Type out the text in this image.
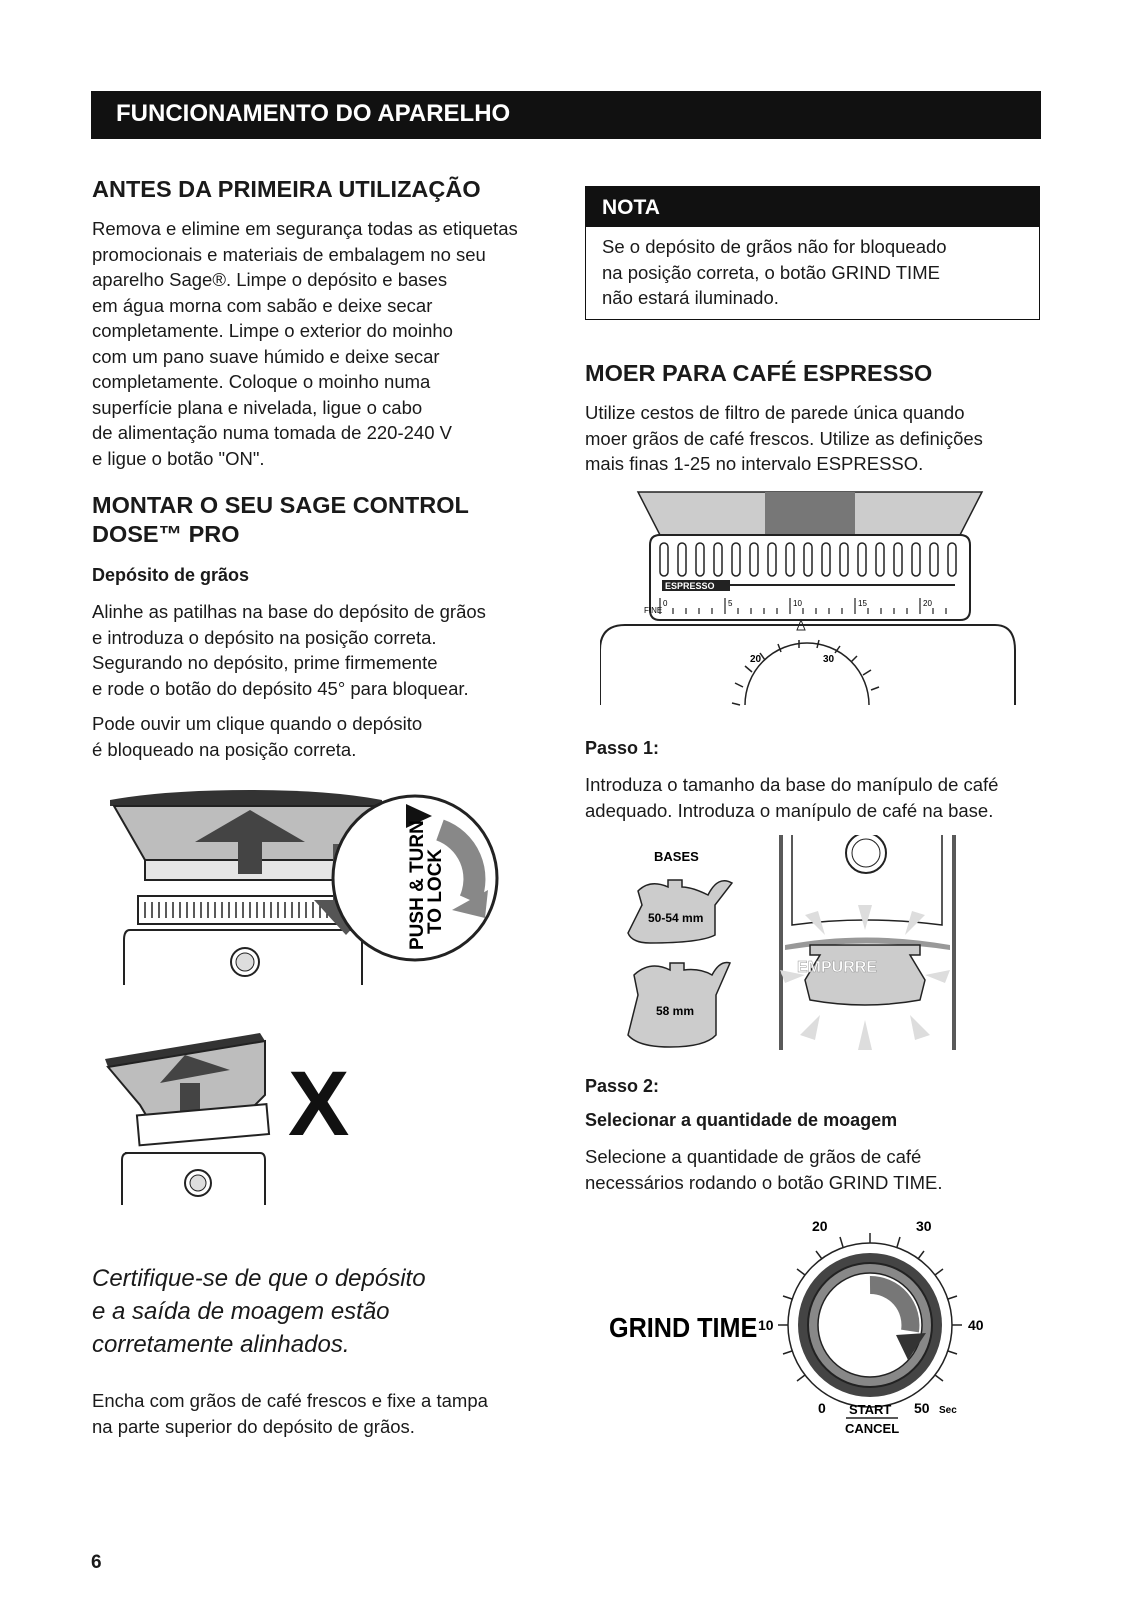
FUNCIONAMENTO DO APARELHO
ANTES DA PRIMEIRA UTILIZAÇÃO

Remova e elimine em segurança todas as etiquetas

promocionais e materiais de embalagem no seu

aparelho Sage®. Limpe o depósito e bases

em água morna com sabão e deixe secar

completamente. Limpe o exterior do moinho

com um pano suave húmido e deixe secar

completamente. Coloque o moinho numa

superfície plana e nivelada, ligue o cabo

de alimentação numa tomada de 220-240 V

e ligue o botão "ON".

MONTAR O SEU SAGE CONTROL
DOSE™ PRO
Depósito de grãos

Alinhe as patilhas na base do depósito de grãos

e introduza o depósito na posição correta.

Segurando no depósito, prime firmemente

e rode o botão do depósito 45° para bloquear.

Pode ouvir um clique quando o depósito

é bloqueado na posição correta.

PUSH & TURN
TO LOCK
X
Certifique-se de que o depósito
e a saída de moagem estão
corretamente alinhados.

Encha com grãos de café frescos e fixe a tampa

na parte superior do depósito de grãos.

NOTA
Se o depósito de grãos não for bloqueado
na posição correta, o botão GRIND TIME
não estará iluminado.
MOER PARA CAFÉ ESPRESSO

Utilize cestos de filtro de parede única quando

moer grãos de café frescos. Utilize as definições

mais finas 1-25 no intervalo ESPRESSO.

ESPRESSO
FINE
0	5	10	15	20
20	30
Passo 1:

Introduza o tamanho da base do manípulo de café

adequado. Introduza o manípulo de café na base.

BASES
50-54 mm
58 mm
EMPURRE
Passo 2:
Selecionar a quantidade de moagem

Selecione a quantidade de grãos de café

necessários rodando o botão GRIND TIME.

GRIND TIME
20	30
10	40
0	50 Sec
START
CANCEL
6
